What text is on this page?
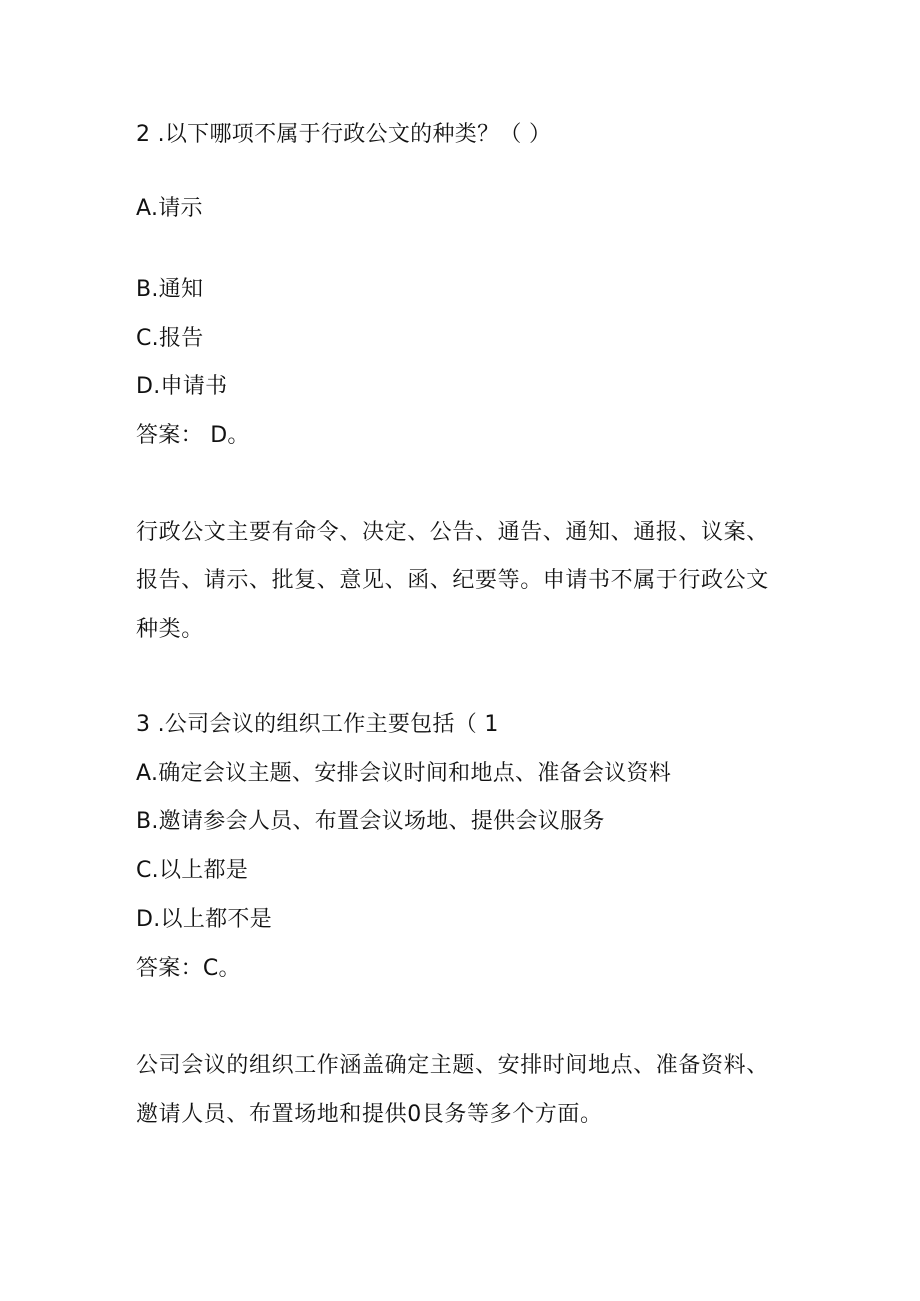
2 .以下哪项不属于行政公文的种类？（ ）
A.请示
B.通知
C.报告
D.申请书
答案： D。
行政公文主要有命令、决定、公告、通告、通知、通报、议案、
报告、请示、批复、意见、函、纪要等。申请书不属于行政公文
种类。
3 .公司会议的组织工作主要包括（ 1
A.确定会议主题、安排会议时间和地点、准备会议资料
B.邀请参会人员、布置会议场地、提供会议服务
C.以上都是
D.以上都不是
答案：C。
公司会议的组织工作涵盖确定主题、安排时间地点、准备资料、
邀请人员、布置场地和提供0艮务等多个方面。
